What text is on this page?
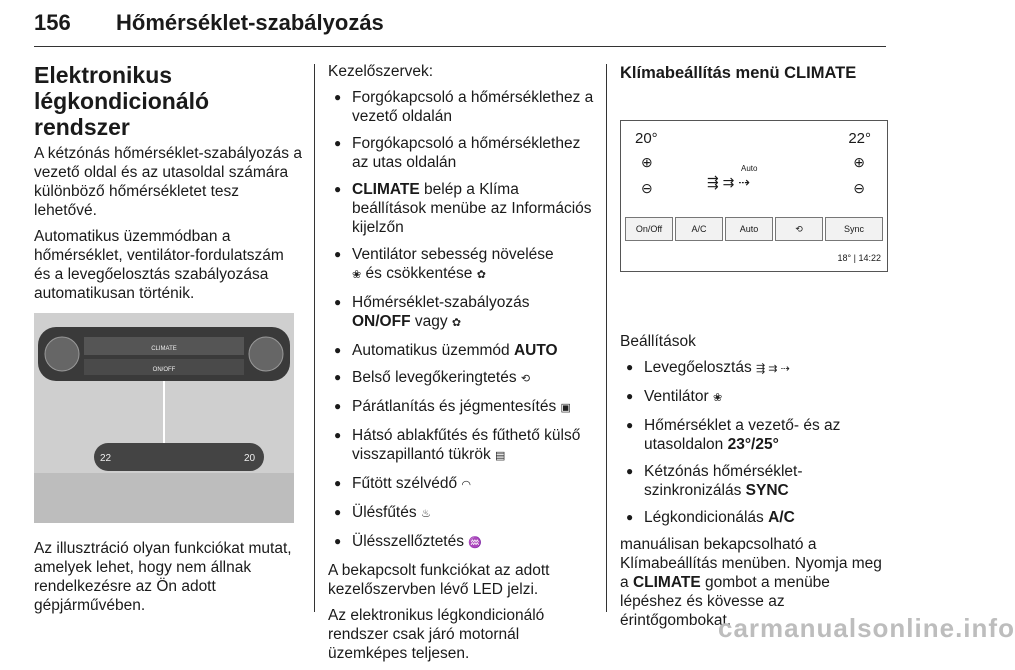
156 Hőmérséklet-szabályozás
Elektronikus
légkondicionáló rendszer

A kétzónás hőmérséklet-szabályozás a vezető oldal és az utasoldal számára különböző hőmérsékletet tesz lehetővé.

Automatikus üzemmódban a hőmérséklet, ventilátor-fordulatszám és a levegőelosztás szabályozása automatikusan történik.

CLIMATE
ON/OFF
22	20

Az illusztráció olyan funkciókat mutat, amelyek lehet, hogy nem állnak rendelkezésre az Ön adott gépjárművében.

Kezelőszervek:

● Forgókapcsoló a hőmérséklethez a vezető oldalán
● Forgókapcsoló a hőmérséklethez az utas oldalán
● CLIMATE belép a Klíma beállítások menübe az Információs kijelzőn
● Ventilátor sebesség növelése
❀ és csökkentése ✿
● Hőmérséklet-szabályozás
ON/OFF vagy ✿
● Automatikus üzemmód AUTO
● Belső levegőkeringtetés ⟲
● Párátlanítás és jégmentesítés ▣
● Hátsó ablakfűtés és fűthető külső visszapillantó tükrök ▤
● Fűtött szélvédő ◠
● Ülésfűtés ♨
● Ülésszellőztetés ♒

A bekapcsolt funkciókat az adott kezelőszervben lévő LED jelzi.

Az elektronikus légkondicionáló rendszer csak járó motornál üzemképes teljesen.

Klímabeállítás menü CLIMATE
20°	22°
⊕
⊖
⊕
⊖
Auto
⇶ ⇉ ⇢
On/Off	A/C	Auto	⟲	Sync
18° | 14:22

Beállítások

● Levegőelosztás ⇶ ⇉ ⇢
● Ventilátor ❀
● Hőmérséklet a vezető- és az utasoldalon 23°/25°
● Kétzónás hőmérséklet-szinkronizálás SYNC
● Légkondicionálás A/C

manuálisan bekapcsolható a Klímabeállítás menüben. Nyomja meg a CLIMATE gombot a menübe lépéshez és kövesse az érintőgombokat.

carmanualsonline.info
